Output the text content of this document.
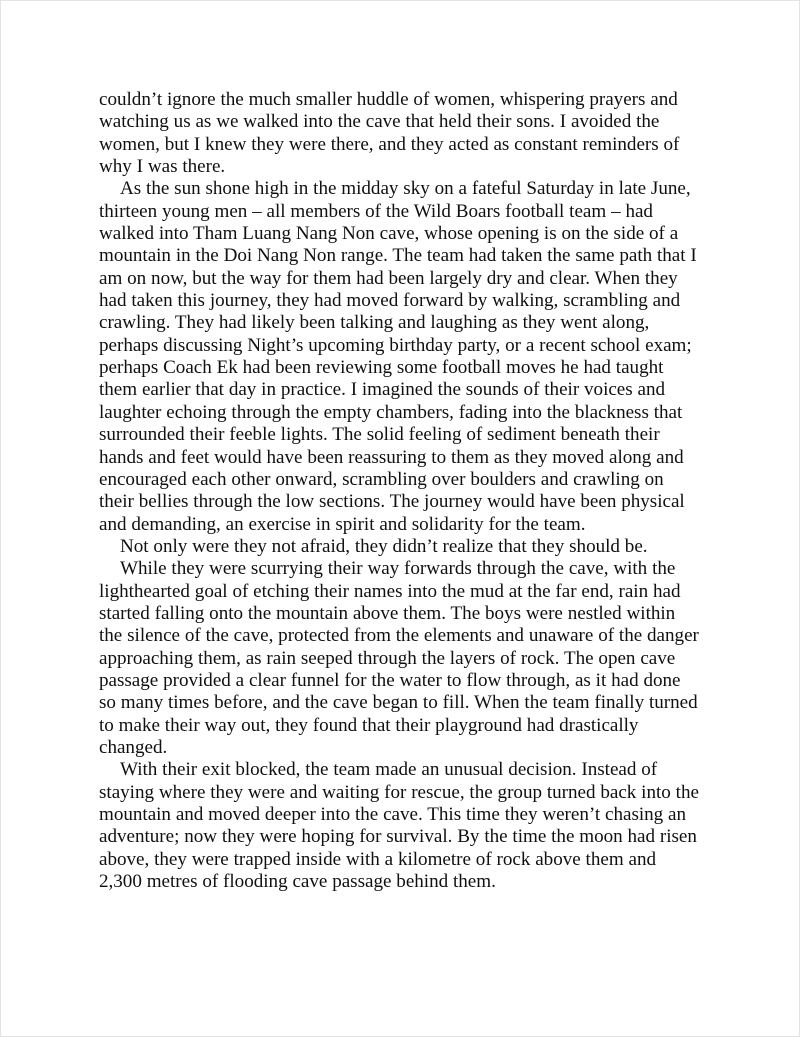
couldn’t ignore the much smaller huddle of women, whispering prayers and watching us as we walked into the cave that held their sons. I avoided the women, but I knew they were there, and they acted as constant reminders of why I was there.

As the sun shone high in the midday sky on a fateful Saturday in late June, thirteen young men – all members of the Wild Boars football team – had walked into Tham Luang Nang Non cave, whose opening is on the side of a mountain in the Doi Nang Non range. The team had taken the same path that I am on now, but the way for them had been largely dry and clear. When they had taken this journey, they had moved forward by walking, scrambling and crawling. They had likely been talking and laughing as they went along, perhaps discussing Night’s upcoming birthday party, or a recent school exam; perhaps Coach Ek had been reviewing some football moves he had taught them earlier that day in practice. I imagined the sounds of their voices and laughter echoing through the empty chambers, fading into the blackness that surrounded their feeble lights. The solid feeling of sediment beneath their hands and feet would have been reassuring to them as they moved along and encouraged each other onward, scrambling over boulders and crawling on their bellies through the low sections. The journey would have been physical and demanding, an exercise in spirit and solidarity for the team.

Not only were they not afraid, they didn’t realize that they should be.

While they were scurrying their way forwards through the cave, with the lighthearted goal of etching their names into the mud at the far end, rain had started falling onto the mountain above them. The boys were nestled within the silence of the cave, protected from the elements and unaware of the danger approaching them, as rain seeped through the layers of rock. The open cave passage provided a clear funnel for the water to flow through, as it had done so many times before, and the cave began to fill. When the team finally turned to make their way out, they found that their playground had drastically changed.

With their exit blocked, the team made an unusual decision. Instead of staying where they were and waiting for rescue, the group turned back into the mountain and moved deeper into the cave. This time they weren’t chasing an adventure; now they were hoping for survival. By the time the moon had risen above, they were trapped inside with a kilometre of rock above them and 2,300 metres of flooding cave passage behind them.
